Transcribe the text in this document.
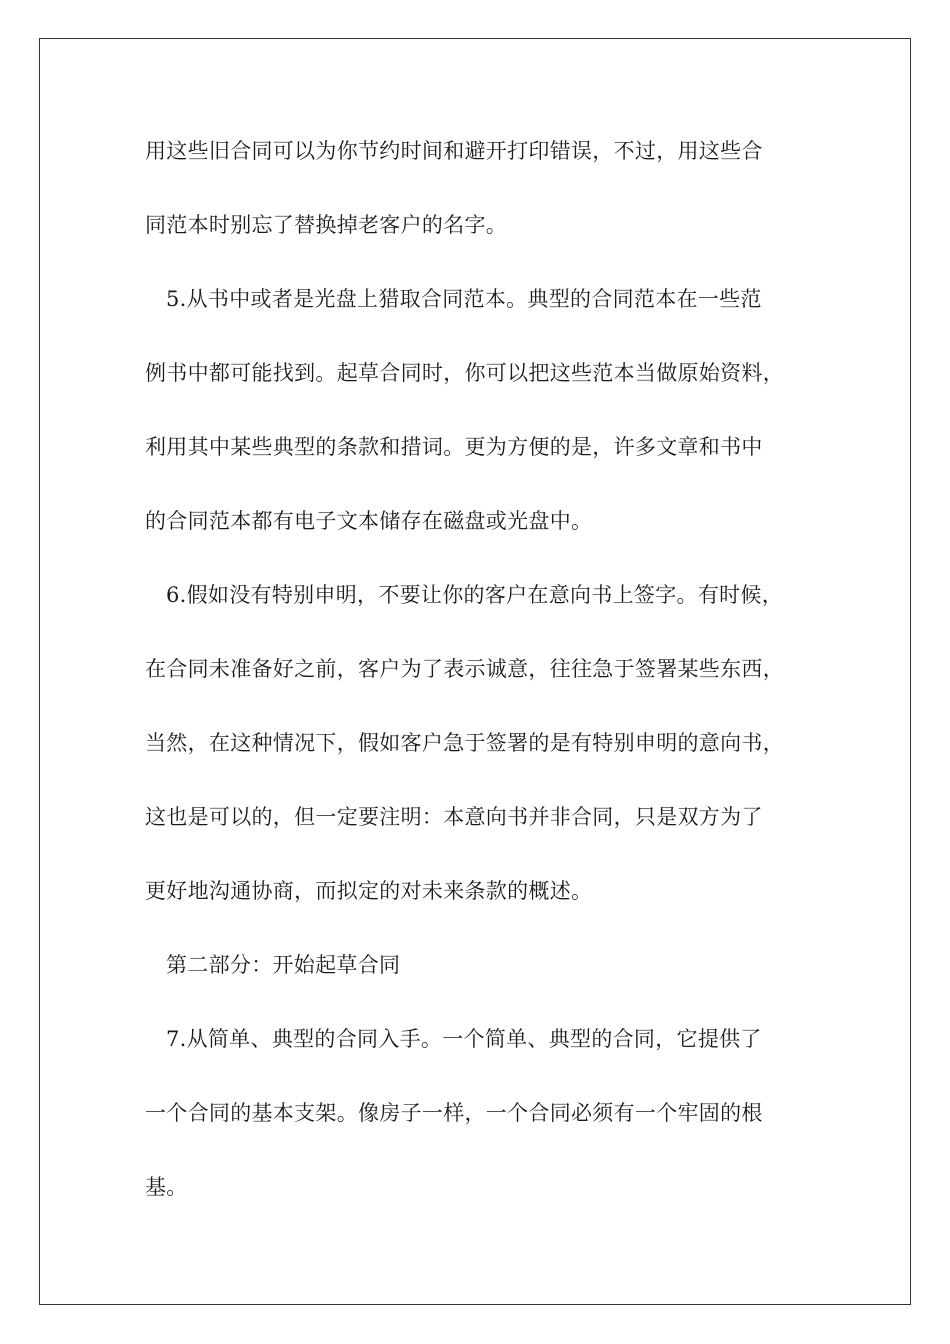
用这些旧合同可以为你节约时间和避开打印错误，不过，用这些合

同范本时别忘了替换掉老客户的名字。

5.从书中或者是光盘上猎取合同范本。典型的合同范本在一些范

例书中都可能找到。起草合同时，你可以把这些范本当做原始资料，

利用其中某些典型的条款和措词。更为方便的是，许多文章和书中

的合同范本都有电子文本储存在磁盘或光盘中。

6.假如没有特别申明，不要让你的客户在意向书上签字。有时候，

在合同未准备好之前，客户为了表示诚意，往往急于签署某些东西，

当然，在这种情况下，假如客户急于签署的是有特别申明的意向书，

这也是可以的，但一定要注明：本意向书并非合同，只是双方为了

更好地沟通协商，而拟定的对未来条款的概述。

第二部分：开始起草合同

7.从简单、典型的合同入手。一个简单、典型的合同，它提供了

一个合同的基本支架。像房子一样，一个合同必须有一个牢固的根

基。
